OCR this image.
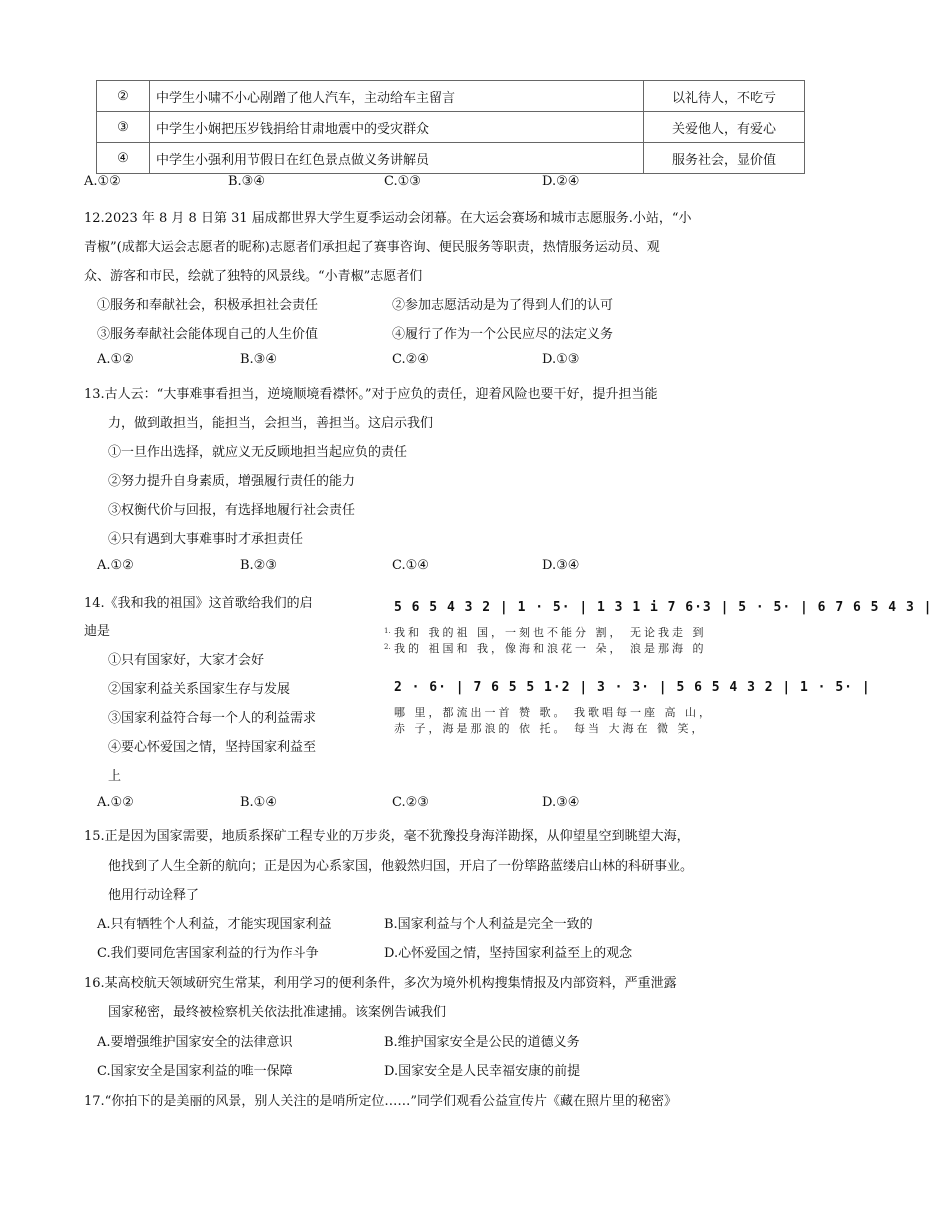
②	中学生小啸不小心剐蹭了他人汽车，主动给车主留言	以礼待人，不吃亏
③	中学生小娴把压岁钱捐给甘肃地震中的受灾群众	关爱他人，有爱心
④	中学生小强利用节假日在红色景点做义务讲解员	服务社会，显价值
A.①②	B.③④	C.①③	D.②④
12.2023 年 8 月 8 日第 31 届成都世界大学生夏季运动会闭幕。在大运会赛场和城市志愿服务.小站，“小
青椒”(成都大运会志愿者的昵称)志愿者们承担起了赛事咨询、便民服务等职责，热情服务运动员、观
众、游客和市民，绘就了独特的风景线。“小青椒”志愿者们
①服务和奉献社会，积极承担社会责任	②参加志愿活动是为了得到人们的认可
③服务奉献社会能体现自己的人生价值	④履行了作为一个公民应尽的法定义务
A.①②	B.③④	C.②④	D.①③
13.古人云：“大事难事看担当，逆境顺境看襟怀。”对于应负的责任，迎着风险也要干好，提升担当能
力，做到敢担当，能担当，会担当，善担当。这启示我们
①一旦作出选择，就应义无反顾地担当起应负的责任
②努力提升自身素质，增强履行责任的能力
③权衡代价与回报，有选择地履行社会责任
④只有遇到大事难事时才承担责任
A.①②	B.②③	C.①④	D.③④
14.《我和我的祖国》这首歌给我们的启
迪是
①只有国家好，大家才会好
②国家利益关系国家生存与发展
③国家利益符合每一个人的利益需求
④要心怀爱国之情，坚持国家利益至
上
5 6 5 4 3 2 | 1 · 5· | 1 3 1 i 7 6·3 | 5 · 5· | 6 7 6 5 4 3 |
1. 我和 我的祖 国，一刻也不能分 割， 无论我走 到
2. 我的 祖国和 我，像海和浪花一 朵， 浪是那海 的
2 · 6· | 7 6 5 5 1·2 | 3 · 3· | 5 6 5 4 3 2 | 1 · 5· |
哪 里，都流出一首 赞 歌。 我歌唱每一座 高 山，
赤 子，海是那浪的 依 托。 每当 大海在 微 笑，
A.①②	B.①④	C.②③	D.③④
15.正是因为国家需要，地质系探矿工程专业的万步炎，毫不犹豫投身海洋勘探，从仰望星空到眺望大海，
他找到了人生全新的航向；正是因为心系家国，他毅然归国，开启了一份筚路蓝缕启山林的科研事业。
他用行动诠释了
A.只有牺牲个人利益，才能实现国家利益	B.国家利益与个人利益是完全一致的
C.我们要同危害国家利益的行为作斗争	D.心怀爱国之情，坚持国家利益至上的观念
16.某高校航天领域研究生常某，利用学习的便利条件，多次为境外机构搜集情报及内部资料，严重泄露
国家秘密，最终被检察机关依法批准逮捕。该案例告诫我们
A.要增强维护国家安全的法律意识	B.维护国家安全是公民的道德义务
C.国家安全是国家利益的唯一保障	D.国家安全是人民幸福安康的前提
17.“你拍下的是美丽的风景，别人关注的是哨所定位……”同学们观看公益宣传片《藏在照片里的秘密》
